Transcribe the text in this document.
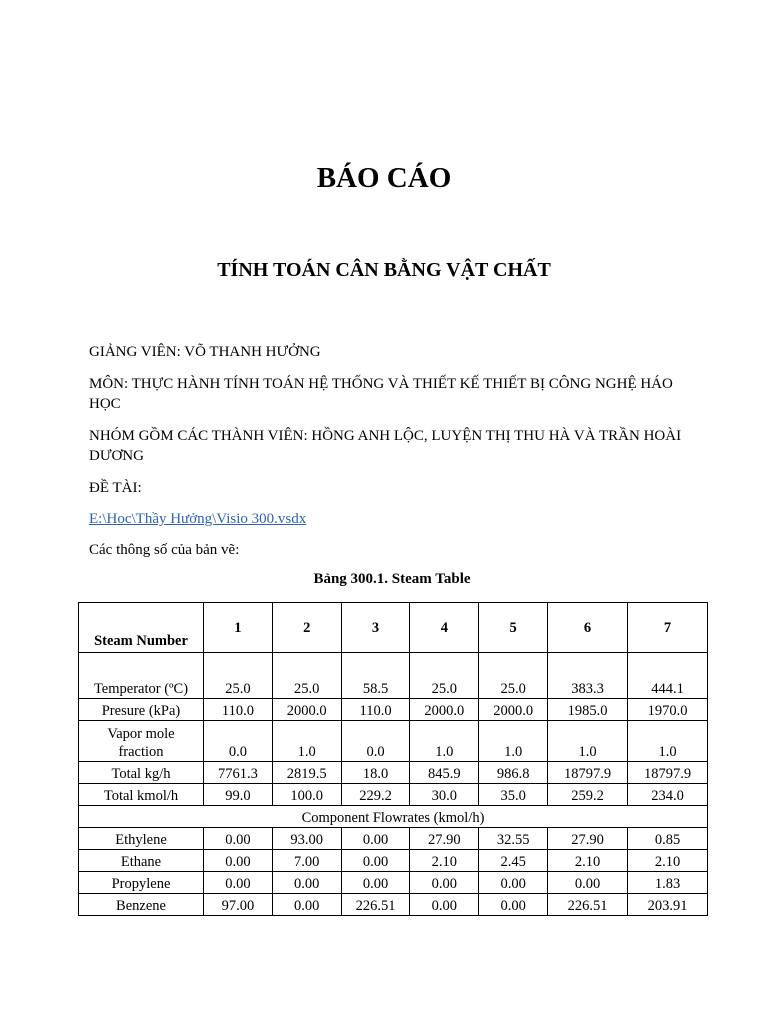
BÁO CÁO
TÍNH TOÁN CÂN BẰNG VẬT CHẤT

GIẢNG VIÊN: VÕ THANH HƯỞNG

MÔN: THỰC HÀNH TÍNH TOÁN HỆ THỐNG VÀ THIẾT KẾ THIẾT BỊ CÔNG NGHỆ HÁO HỌC

NHÓM GỒM CÁC THÀNH VIÊN: HỒNG ANH LỘC, LUYỆN THỊ THU HÀ VÀ TRẦN HOÀI DƯƠNG

ĐỀ TÀI:

E:\Hoc\Thầy Hưởng\Visio 300.vsdx

Các thông số của bản vẽ:

Bảng 300.1. Steam Table

Steam Number	1	2	3	4	5	6	7
Temperator (ºC)	25.0	25.0	58.5	25.0	25.0	383.3	444.1
Presure (kPa)	110.0	2000.0	110.0	2000.0	2000.0	1985.0	1970.0
Vapor mole fraction	0.0	1.0	0.0	1.0	1.0	1.0	1.0
Total kg/h	7761.3	2819.5	18.0	845.9	986.8	18797.9	18797.9
Total kmol/h	99.0	100.0	229.2	30.0	35.0	259.2	234.0
Component Flowrates (kmol/h)							
Ethylene	0.00	93.00	0.00	27.90	32.55	27.90	0.85
Ethane	0.00	7.00	0.00	2.10	2.45	2.10	2.10
Propylene	0.00	0.00	0.00	0.00	0.00	0.00	1.83
Benzene	97.00	0.00	226.51	0.00	0.00	226.51	203.91
